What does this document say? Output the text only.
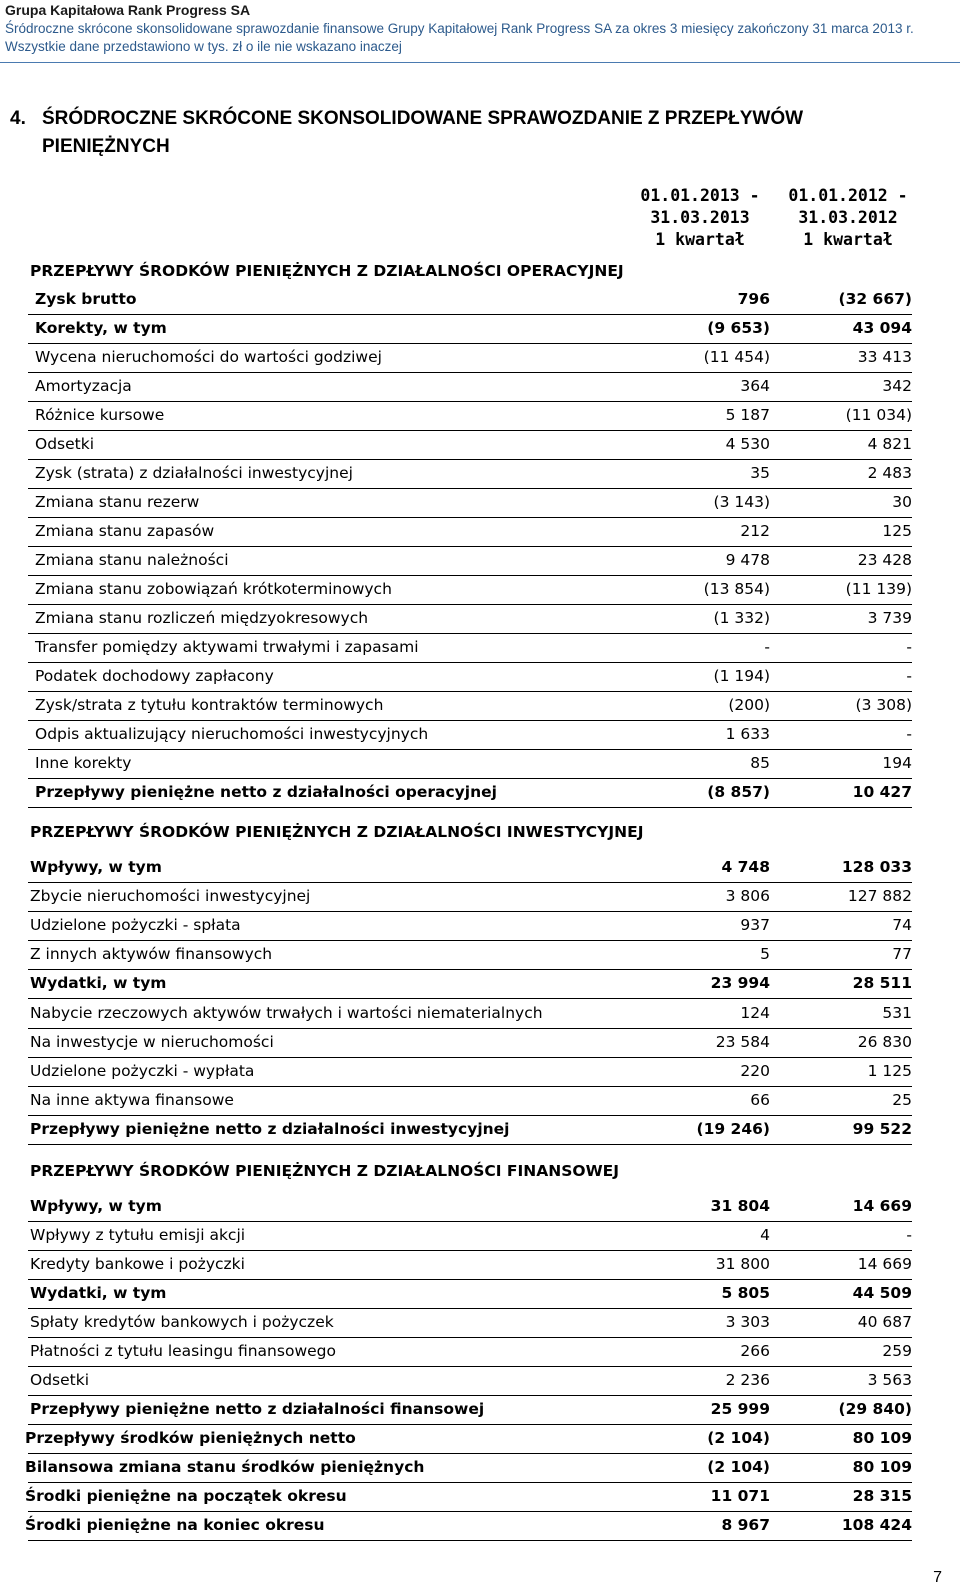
Grupa Kapitałowa Rank Progress SA
Śródroczne skrócone skonsolidowane sprawozdanie finansowe Grupy Kapitałowej Rank Progress SA za okres 3 miesięcy zakończony 31 marca 2013 r.
Wszystkie dane przedstawiono w tys. zł o ile nie wskazano inaczej
4. ŚRÓDROCZNE SKRÓCONE SKONSOLIDOWANE SPRAWOZDANIE Z PRZEPŁYWÓW
PIENIĘŻNYCH
01.01.2013 -
31.03.2013
1 kwartał
01.01.2012 -
31.03.2012
1 kwartał
PRZEPŁYWY ŚRODKÓW PIENIĘŻNYCH Z DZIAŁALNOŚCI OPERACYJNEJ
Zysk brutto	796	(32 667)
Korekty, w tym	(9 653)	43 094
Wycena nieruchomości do wartości godziwej	(11 454)	33 413
Amortyzacja	364	342
Różnice kursowe	5 187	(11 034)
Odsetki	4 530	4 821
Zysk (strata) z działalności inwestycyjnej	35	2 483
Zmiana stanu rezerw	(3 143)	30
Zmiana stanu zapasów	212	125
Zmiana stanu należności	9 478	23 428
Zmiana stanu zobowiązań krótkoterminowych	(13 854)	(11 139)
Zmiana stanu rozliczeń międzyokresowych	(1 332)	3 739
Transfer pomiędzy aktywami trwałymi i zapasami	-	-
Podatek dochodowy zapłacony	(1 194)	-
Zysk/strata z tytułu kontraktów terminowych	(200)	(3 308)
Odpis aktualizujący nieruchomości inwestycyjnych	1 633	-
Inne korekty	85	194
Przepływy pieniężne netto z działalności operacyjnej	(8 857)	10 427
PRZEPŁYWY ŚRODKÓW PIENIĘŻNYCH Z DZIAŁALNOŚCI INWESTYCYJNEJ
Wpływy, w tym	4 748	128 033
Zbycie nieruchomości inwestycyjnej	3 806	127 882
Udzielone pożyczki - spłata	937	74
Z innych aktywów finansowych	5	77
Wydatki, w tym	23 994	28 511
Nabycie rzeczowych aktywów trwałych i wartości niematerialnych	124	531
Na inwestycje w nieruchomości	23 584	26 830
Udzielone pożyczki - wypłata	220	1 125
Na inne aktywa finansowe	66	25
Przepływy pieniężne netto z działalności inwestycyjnej	(19 246)	99 522
PRZEPŁYWY ŚRODKÓW PIENIĘŻNYCH Z DZIAŁALNOŚCI FINANSOWEJ
Wpływy, w tym	31 804	14 669
Wpływy z tytułu emisji akcji	4	-
Kredyty bankowe i pożyczki	31 800	14 669
Wydatki, w tym	5 805	44 509
Spłaty kredytów bankowych i pożyczek	3 303	40 687
Płatności z tytułu leasingu finansowego	266	259
Odsetki	2 236	3 563
Przepływy pieniężne netto z działalności finansowej	25 999	(29 840)
Przepływy środków pieniężnych netto	(2 104)	80 109
Bilansowa zmiana stanu środków pieniężnych	(2 104)	80 109
Środki pieniężne na początek okresu	11 071	28 315
Środki pieniężne na koniec okresu	8 967	108 424
7
